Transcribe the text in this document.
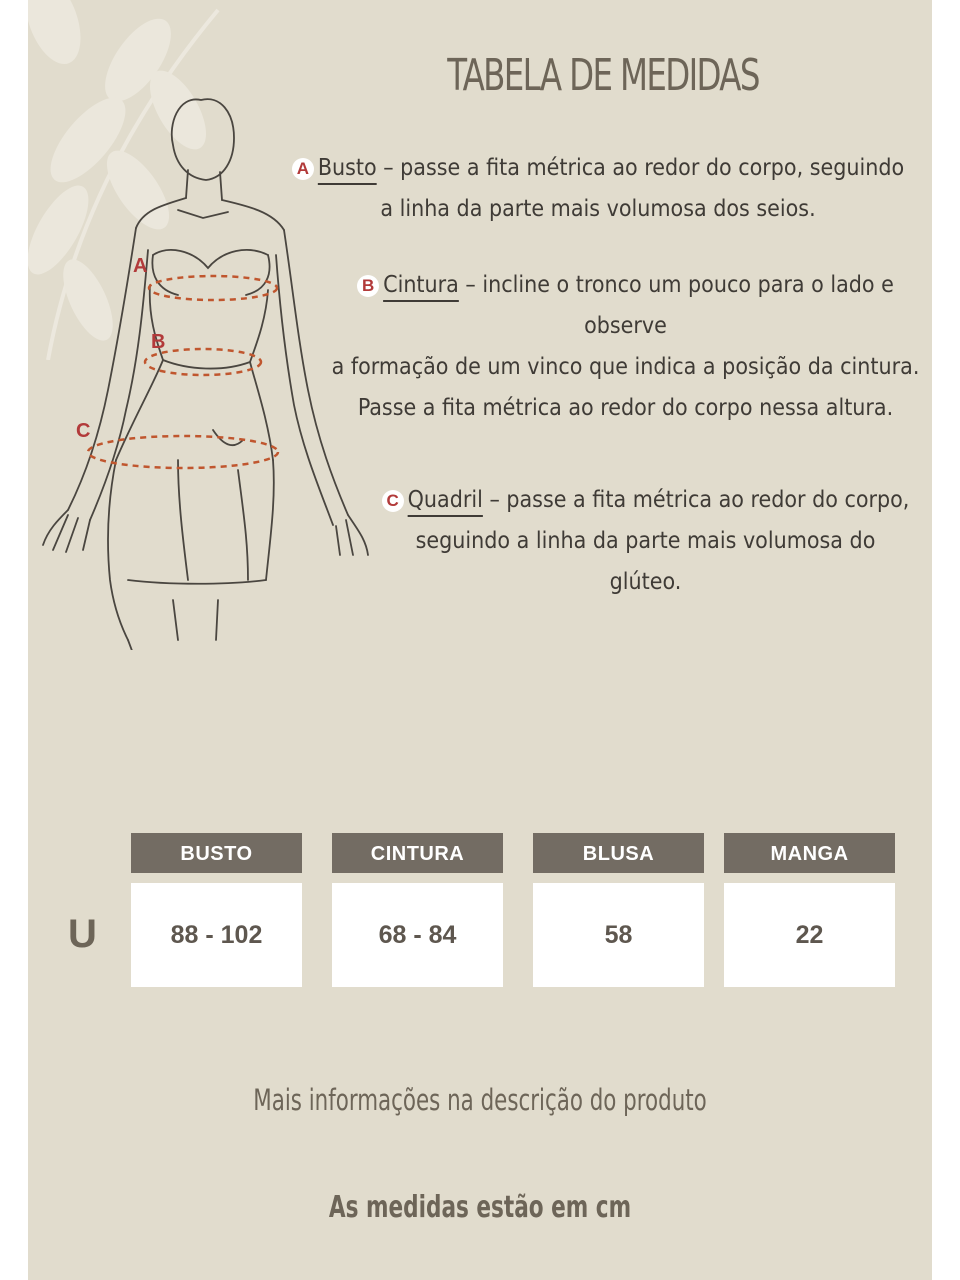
A
B
C
TABELA DE MEDIDAS
A Busto – passe a fita métrica ao redor do corpo, seguindo
a linha da parte mais volumosa dos seios.
B Cintura – incline o tronco um pouco para o lado e
observe
a formação de um vinco que indica a posição da cintura.
Passe a fita métrica ao redor do corpo nessa altura.
C Quadril – passe a fita métrica ao redor do corpo,
seguindo a linha da parte mais volumosa do
glúteo.
U
BUSTO
88 - 102
CINTURA
68 - 84
BLUSA
58
MANGA
22
Mais informações na descrição do produto
As medidas estão em cm
